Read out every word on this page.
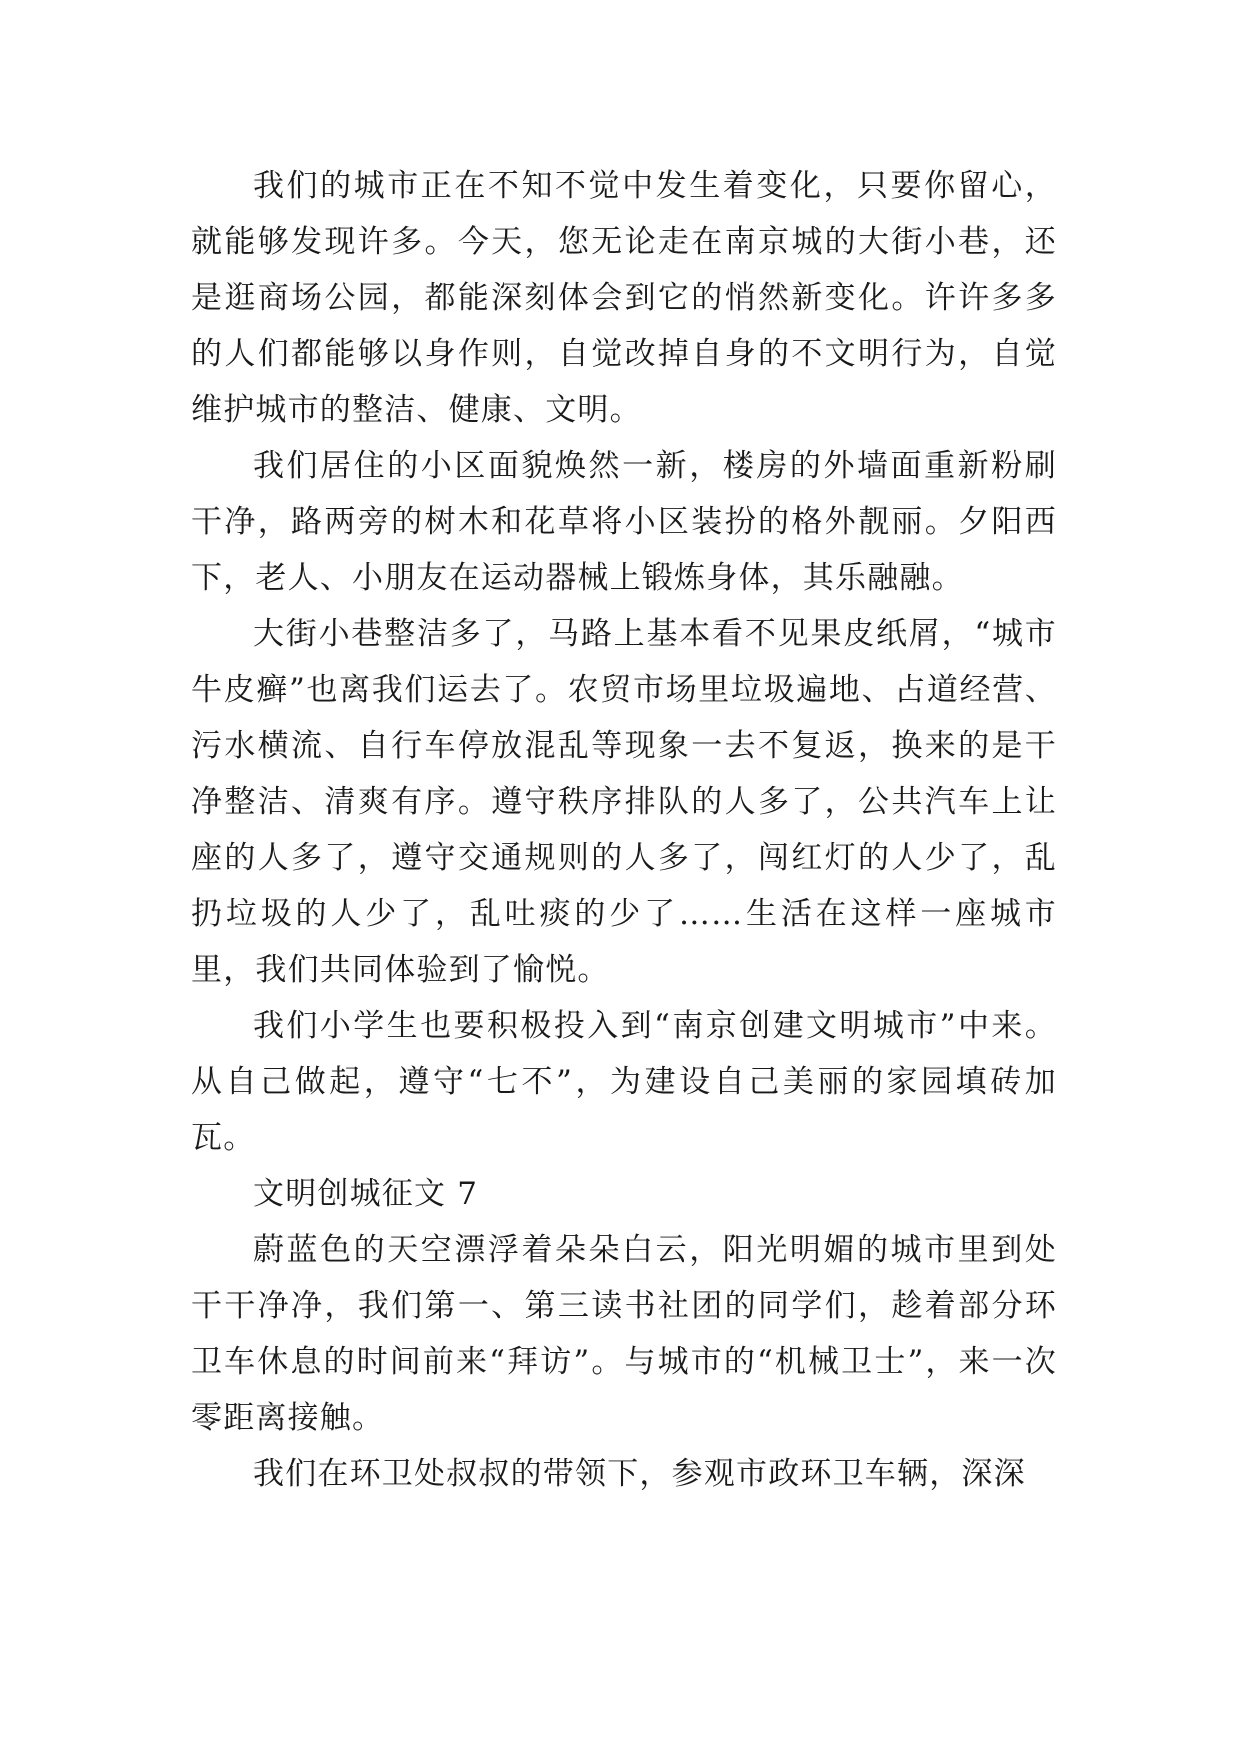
我们的城市正在不知不觉中发生着变化，只要你留心，就能够发现许多。今天，您无论走在南京城的大街小巷，还是逛商场公园，都能深刻体会到它的悄然新变化。许许多多的人们都能够以身作则，自觉改掉自身的不文明行为，自觉维护城市的整洁、健康、文明。

我们居住的小区面貌焕然一新，楼房的外墙面重新粉刷干净，路两旁的树木和花草将小区装扮的格外靓丽。夕阳西下，老人、小朋友在运动器械上锻炼身体，其乐融融。

大街小巷整洁多了，马路上基本看不见果皮纸屑，“城市牛皮癣”也离我们运去了。农贸市场里垃圾遍地、占道经营、污水横流、自行车停放混乱等现象一去不复返，换来的是干净整洁、清爽有序。遵守秩序排队的人多了，公共汽车上让座的人多了，遵守交通规则的人多了，闯红灯的人少了，乱扔垃圾的人少了，乱吐痰的少了……生活在这样一座城市里，我们共同体验到了愉悦。

我们小学生也要积极投入到“南京创建文明城市”中来。从自己做起，遵守“七不”，为建设自己美丽的家园填砖加瓦。

文明创城征文 7

蔚蓝色的天空漂浮着朵朵白云，阳光明媚的城市里到处干干净净，我们第一、第三读书社团的同学们，趁着部分环卫车休息的时间前来“拜访”。与城市的“机械卫士”，来一次零距离接触。

我们在环卫处叔叔的带领下，参观市政环卫车辆，深深
